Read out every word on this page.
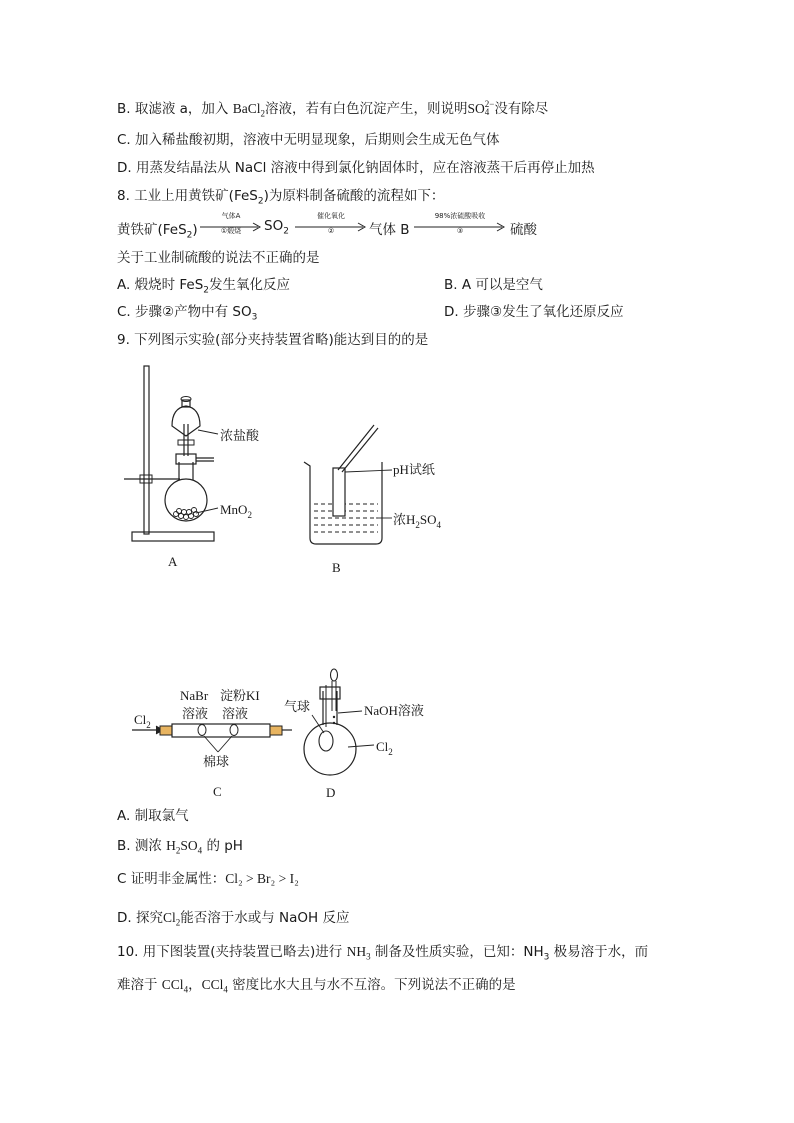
B. 取滤液 a，加入 BaCl$_2$溶液，若有白色沉淀产生，则说明SO 2−
4 没有除尽
C. 加入稀盐酸初期，溶液中无明显现象，后期则会生成无色气体
D. 用蒸发结晶法从 NaCl 溶液中得到氯化钠固体时，应在溶液蒸干后再停止加热
8. 工业上用黄铁矿(FeS$_2$)为原料制备硫酸的流程如下：
黄铁矿(FeS$_2$)
气体A
①煅烧	$SO_2$
催化氧化
②	气体 B
98%浓硫酸吸收
③	硫酸
关于工业制硫酸的说法不正确的是
A. 煅烧时 FeS$_2$发生氧化反应	B. A 可以是空气
C. 步骤②产物中有 $SO_3$	D. 步骤③发生了氧化还原反应
9. 下列图示实验(部分夹持装置省略)能达到目的的是
浓盐酸
MnO$_2$
A
pH试纸
浓$H_2SO_4$
B
NaBr
溶液
淀粉KI
溶液
$Cl_2$
棉球
C
气球	NaOH溶液
$Cl_2$
D
A. 制取氯气
B. 测浓 $H_2SO_4$ 的 pH
C 证明非金属性：Cl₂ > Br₂ > I₂
D. 探究$Cl_2$能否溶于水或与 NaOH 反应
10. 用下图装置(夹持装置已略去)进行 $NH_3$ 制备及性质实验，已知：$NH_3$ 极易溶于水，而
难溶于 CCl$_4$，CCl$_4$ 密度比水大且与水不互溶。下列说法不正确的是
